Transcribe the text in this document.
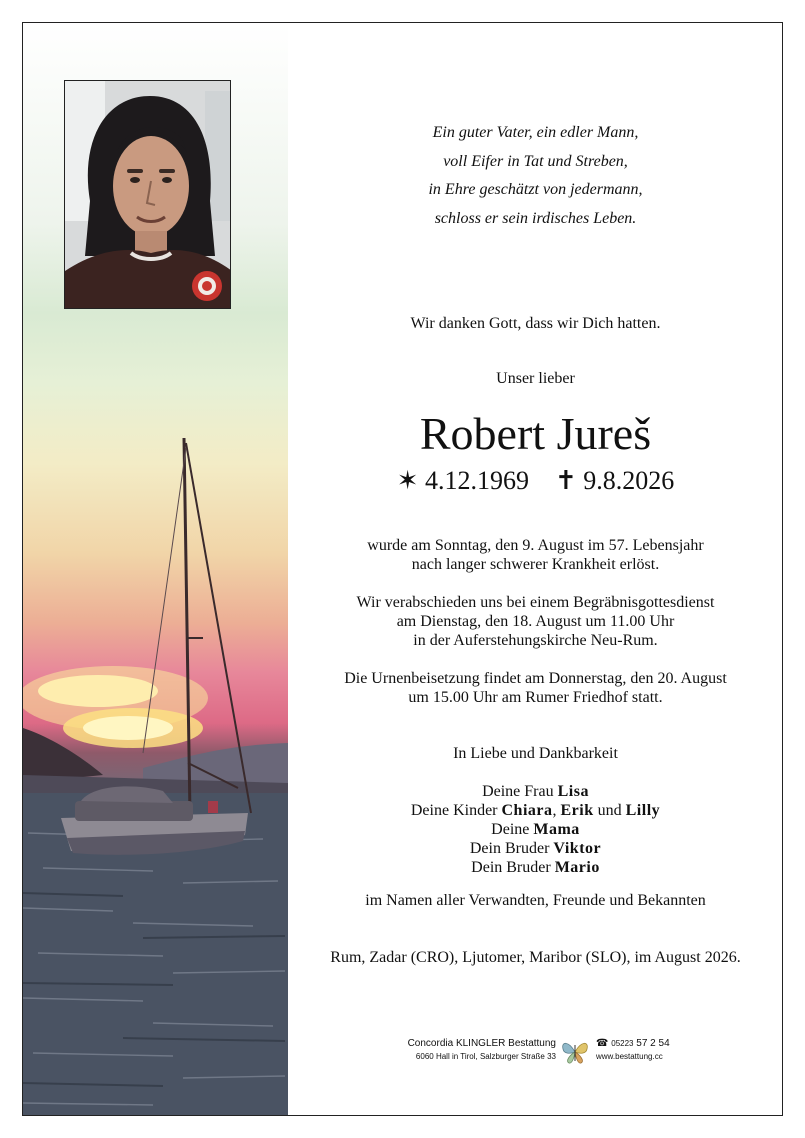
Ein guter Vater, ein edler Mann,
voll Eifer in Tat und Streben,
in Ehre geschätzt von jedermann,
schloss er sein irdisches Leben.
Wir danken Gott, dass wir Dich hatten.
Unser lieber
Robert Jureš
✶ 4.12.1969 ✝ 9.8.2026
wurde am Sonntag, den 9. August im 57. Lebensjahr
nach langer schwerer Krankheit erlöst.
Wir verabschieden uns bei einem Begräbnisgottesdienst
am Dienstag, den 18. August um 11.00 Uhr
in der Auferstehungskirche Neu-Rum.
Die Urnenbeisetzung findet am Donnerstag, den 20. August
um 15.00 Uhr am Rumer Friedhof statt.
In Liebe und Dankbarkeit
Deine Frau Lisa
Deine Kinder Chiara, Erik und Lilly
Deine Mama
Dein Bruder Viktor
Dein Bruder Mario
im Namen aller Verwandten, Freunde und Bekannten
Rum, Zadar (CRO), Ljutomer, Maribor (SLO), im August 2026.
Concordia KLINGLER Bestattung
6060 Hall in Tirol, Salzburger Straße 33
☎ 05223 57 2 54
www.bestattung.cc
